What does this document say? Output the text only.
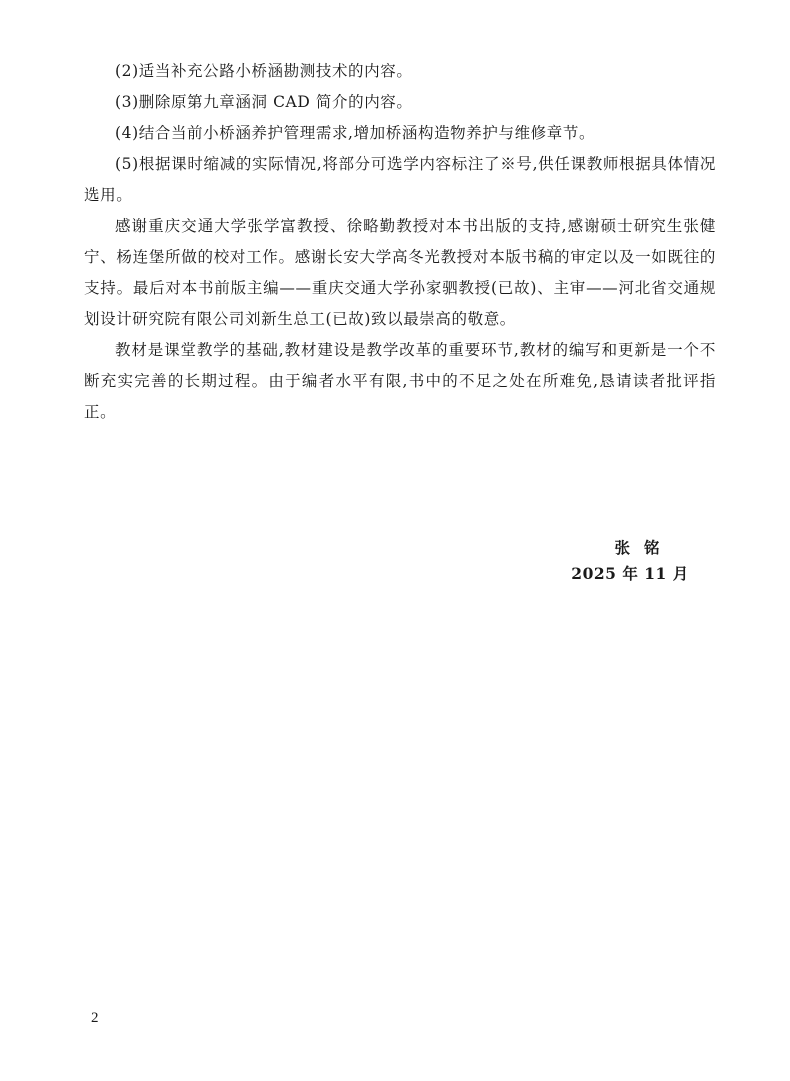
(2)适当补充公路小桥涵勘测技术的内容。

(3)删除原第九章涵洞 CAD 简介的内容。

(4)结合当前小桥涵养护管理需求,增加桥涵构造物养护与维修章节。

(5)根据课时缩减的实际情况,将部分可选学内容标注了※号,供任课教师根据具体情况选用。

感谢重庆交通大学张学富教授、徐略勤教授对本书出版的支持,感谢硕士研究生张健宁、杨连堡所做的校对工作。感谢长安大学高冬光教授对本版书稿的审定以及一如既往的支持。最后对本书前版主编——重庆交通大学孙家驷教授(已故)、主审——河北省交通规划设计研究院有限公司刘新生总工(已故)致以最崇高的敬意。

教材是课堂教学的基础,教材建设是教学改革的重要环节,教材的编写和更新是一个不断充实完善的长期过程。由于编者水平有限,书中的不足之处在所难免,恳请读者批评指正。

张铭
2025 年 11 月
2
